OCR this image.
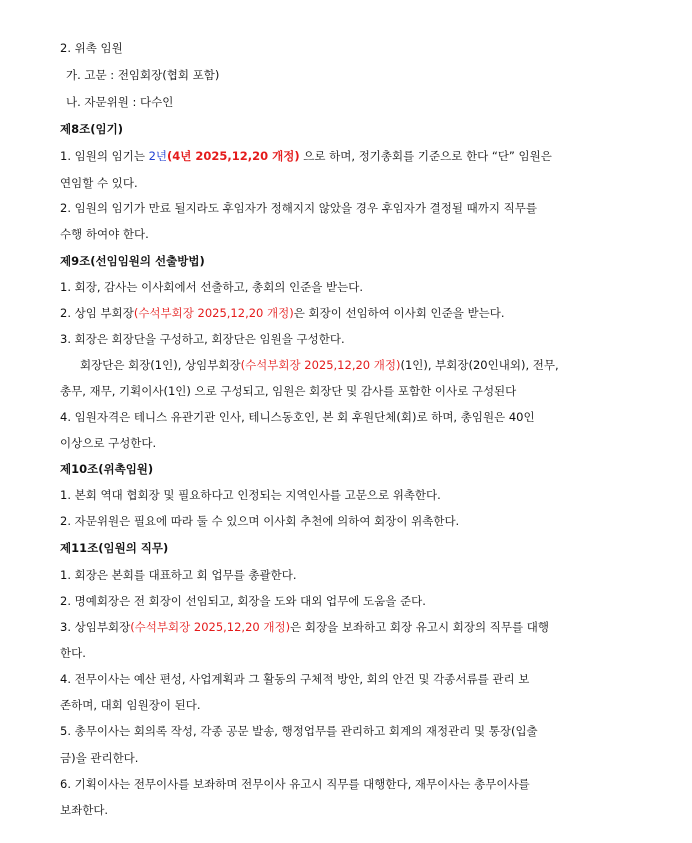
2. 위촉 임원
가. 고문 : 전임회장(협회 포함)
나. 자문위원 : 다수인
제8조(임기)
1. 임원의 임기는 2년(4년 2025,12,20 개정) 으로 하며, 정기총회를 기준으로 한다 “단” 임원은
연임할 수 있다.
2. 임원의 임기가 만료 될지라도 후임자가 정해지지 않았을 경우 후임자가 결정될 때까지 직무를
수행 하여야 한다.
제9조(선임임원의 선출방법)
1. 회장, 감사는 이사회에서 선출하고, 총회의 인준을 받는다.
2. 상임 부회장(수석부회장 2025,12,20 개정)은 회장이 선임하여 이사회 인준을 받는다.
3. 회장은 회장단을 구성하고, 회장단은 임원을 구성한다.
회장단은 회장(1인), 상임부회장(수석부회장 2025,12,20 개정)(1인), 부회장(20인내외), 전무,
총무, 재무, 기획이사(1인) 으로 구성되고, 임원은 회장단 및 감사를 포함한 이사로 구성된다
4. 임원자격은 테니스 유관기관 인사, 테니스동호인, 본 회 후원단체(회)로 하며, 총임원은 40인
이상으로 구성한다.
제10조(위촉임원)
1. 본회 역대 협회장 및 필요하다고 인정되는 지역인사를 고문으로 위촉한다.
2. 자문위원은 필요에 따라 둘 수 있으며 이사회 추천에 의하여 회장이 위촉한다.
제11조(임원의 직무)
1. 회장은 본회를 대표하고 회 업무를 총괄한다.
2. 명예회장은 전 회장이 선임되고, 회장을 도와 대외 업무에 도움을 준다.
3. 상임부회장(수석부회장 2025,12,20 개정)은 회장을 보좌하고 회장 유고시 회장의 직무를 대행
한다.
4. 전무이사는 예산 편성, 사업계획과 그 활동의 구체적 방안, 회의 안건 및 각종서류를 관리 보
존하며, 대회 임원장이 된다.
5. 총무이사는 회의록 작성, 각종 공문 발송, 행정업무를 관리하고 회계의 재정관리 및 통장(입출
금)을 관리한다.
6. 기획이사는 전무이사를 보좌하며 전무이사 유고시 직무를 대행한다, 재무이사는 총무이사를
보좌한다.
